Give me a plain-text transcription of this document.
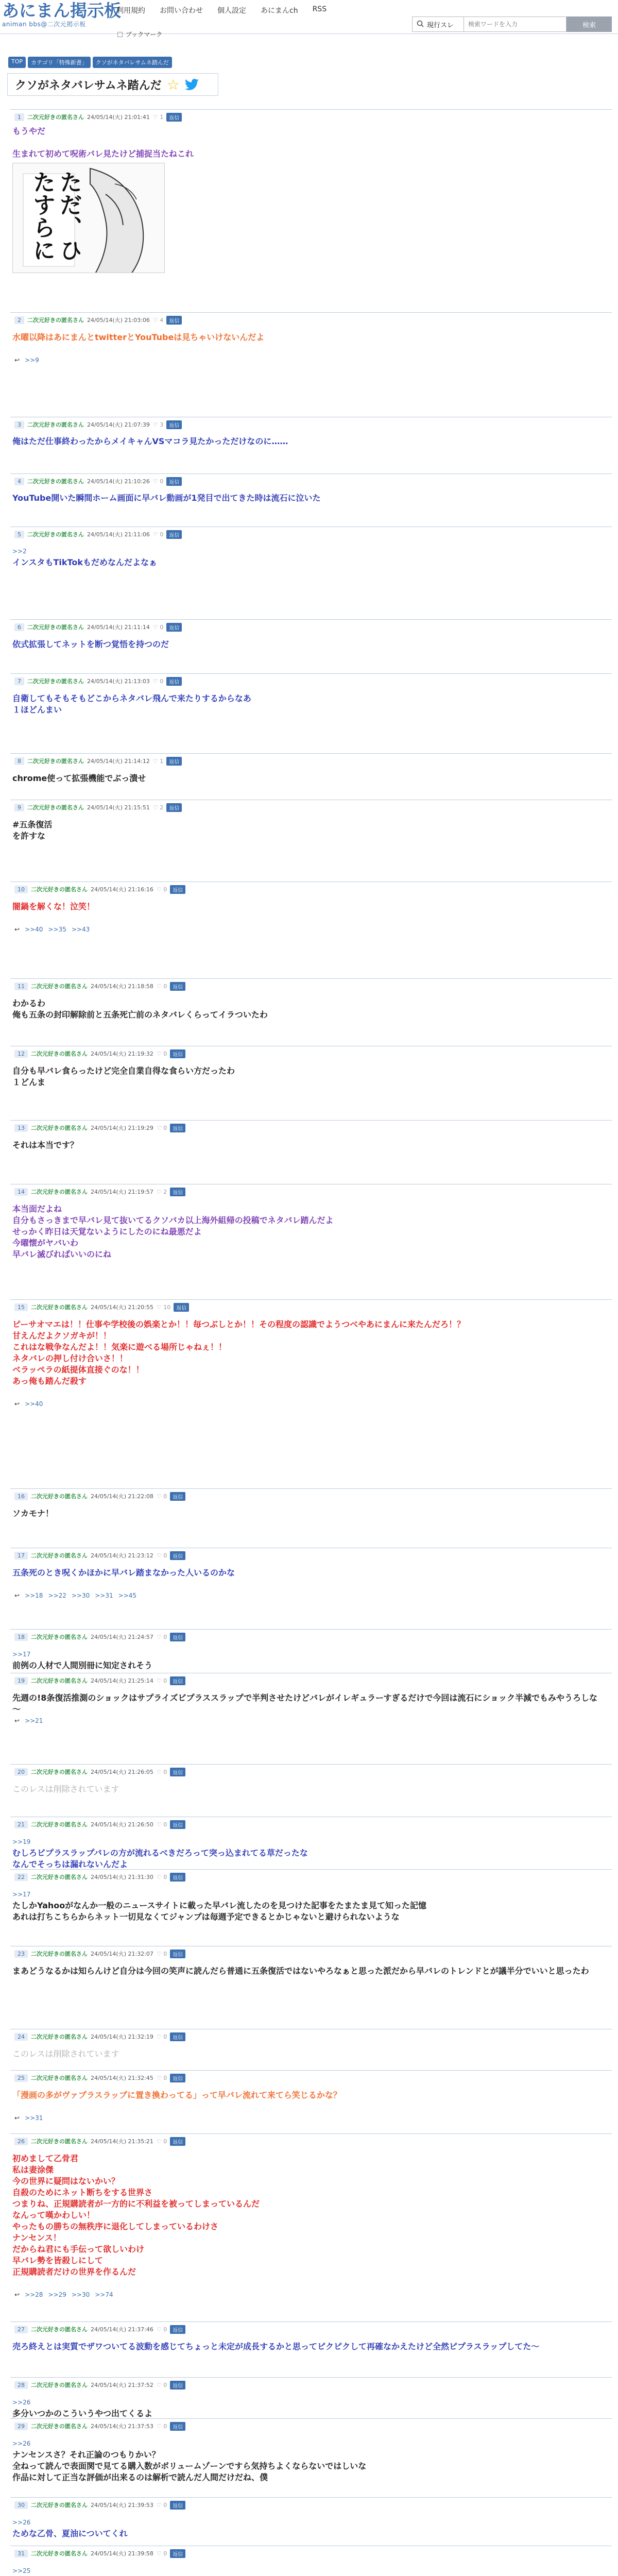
あにまん掲示板
animan bbs@二次元掲示板
利用規約 お問い合わせ 個人設定 あにまんch RSS
ブックマーク
現行スレ
検索ワードを入力	検索
TOP	カテゴリ「特殊新書」	クソがネタバレサムネ踏んだ
クソがネタバレサムネ踏んだ ☆
1	二次元好きの匿名さん 24/05/14(火) 21:01:41 ♡ 1	返信
もうやだ
生まれて初めて呪術バレ見たけど捕捉当たねこれ
ただ、ひたすらに
2	二次元好きの匿名さん 24/05/14(火) 21:03:06 ♡ 4	返信
水曜以降はあにまんとtwitterとYouTubeは見ちゃいけないんだよ
↩ >>9
3	二次元好きの匿名さん 24/05/14(火) 21:07:39 ♡ 3	返信
俺はただ仕事終わったからメイキャんVSマコラ見たかっただけなのに……
4	二次元好きの匿名さん 24/05/14(火) 21:10:26 ♡ 0	返信
YouTube開いた瞬間ホーム画面に早バレ動画が1発目で出てきた時は流石に泣いた
5	二次元好きの匿名さん 24/05/14(火) 21:11:06 ♡ 0	返信
>>2
インスタもTikTokもだめなんだよなぁ
6	二次元好きの匿名さん 24/05/14(火) 21:11:14 ♡ 0	返信
依式拡張してネットを断つ覚悟を持つのだ
7	二次元好きの匿名さん 24/05/14(火) 21:13:03 ♡ 0	返信
自衛してもそもそもどこからネタバレ飛んで来たりするからなあ
１ほどんまい
8	二次元好きの匿名さん 24/05/14(火) 21:14:12 ♡ 1	返信
chrome使って拡張機能でぶっ潰せ
9	二次元好きの匿名さん 24/05/14(火) 21:15:51 ♡ 2	返信
#五条復活
を許すな
10	二次元好きの匿名さん 24/05/14(火) 21:16:16 ♡ 0	返信
闇鍋を解くな！泣笑！
↩ >>40 >>35 >>43
11	二次元好きの匿名さん 24/05/14(火) 21:18:58 ♡ 0	返信
わかるわ
俺も五条の封印解除前と五条死亡前のネタバレくらってイラついたわ
12	二次元好きの匿名さん 24/05/14(火) 21:19:32 ♡ 0	返信
自分も早バレ食らったけど完全自業自得な食らい方だったわ
１どんま
13	二次元好きの匿名さん 24/05/14(火) 21:19:29 ♡ 0	返信
それは本当です？
14	二次元好きの匿名さん 24/05/14(火) 21:19:57 ♡ 2	返信
本当面だよね
自分もさっきまで早バレ見て抜いてるクソバカ以上海外組帰の投稿でネタバレ踏んだよ
せっかく昨日は天覚ないようにしたのにね最悪だよ
今曜懐がヤバいわ
早バレ滅びればいいのにね
15	二次元好きの匿名さん 24/05/14(火) 21:20:55 ♡ 10	返信
ピーサオマエは！！仕事や学校後の娯楽とか！！毎つぶしとか！！その程度の認識でようつべやあにまんに来たんだろ！？
甘えんだよクソガキが！！
これはな戦争なんだよ！！気楽に遊べる場所じゃねぇ！！
ネタバレの押し付け合いさ！！
ベラッペラの紙提体直接ぐのな！！
あっ俺も踏んだ殺す
↩ >>40
16	二次元好きの匿名さん 24/05/14(火) 21:22:08 ♡ 0	返信
ソカモナ！
17	二次元好きの匿名さん 24/05/14(火) 21:23:12 ♡ 0	返信
五条死のとき呪くかほかに早バレ踏まなかった人いるのかな
↩ >>18 >>22 >>30 >>31 >>45
18	二次元好きの匿名さん 24/05/14(火) 21:24:57 ♡ 0	返信
>>17
前例の人材で人間別冊に知定されそう
19	二次元好きの匿名さん 24/05/14(火) 21:25:14 ♡ 0	返信
先週の!8条復活推測のショックはサプライズビプラススラップで半判させたけどバレがイレギュラーすぎるだけで今回は流石にショック半減でもみやうろしな～
↩ >>21
20	二次元好きの匿名さん 24/05/14(火) 21:26:05 ♡ 0	返信
このレスは削除されています
21	二次元好きの匿名さん 24/05/14(火) 21:26:50 ♡ 0	返信
>>19
むしろビプラスラップバレの方が流れるべきだろって突っ込まれてる草だったな
なんでそっちは漏れないんだよ
22	二次元好きの匿名さん 24/05/14(火) 21:31:30 ♡ 0	返信
>>17
たしかYahooがなんか一般のニュースサイトに載った早バレ流したのを見つけた記事をたまたま見て知った記憶
あれは打ちこちらからネット一切見なくてジャンプは毎週予定できるとかじゃないと避けられないような
23	二次元好きの匿名さん 24/05/14(火) 21:32:07 ♡ 0	返信
まあどうなるかは知らんけど自分は今回の笑声に読んだら普通に五条復活ではないやろなぁと思った派だから早バレのトレンドとが議半分でいいと思ったわ
24	二次元好きの匿名さん 24/05/14(火) 21:32:19 ♡ 0	返信
このレスは削除されています
25	二次元好きの匿名さん 24/05/14(火) 21:32:45 ♡ 0	返信
「漫画の多がヴァプラスラップに置き換わってる」って早バレ流れて来てら笑じるかな？
↩ >>31
26	二次元好きの匿名さん 24/05/14(火) 21:35:21 ♡ 0	返信
初めまして乙骨君
私は妻涂傑
今の世界に疑問はないかい？
自殺のためにネット断ちをする世界さ
つまりね、正規購読者が一方的に不利益を被ってしまっているんだ
なんって嘆かわしい！
やったもの勝ちの無秩序に退化してしまっているわけさ
ナンセンス！
だからね君にも手伝って欲しいわけ
早バレ勢を皆殺しにして
正規購読者だけの世界を作るんだ
↩ >>28 >>29 >>30 >>74
27	二次元好きの匿名さん 24/05/14(火) 21:37:46 ♡ 0	返信
売ろ終えとは実質でザワついてる波動を感じてちょっと未定が成長するかと思ってピクピクして再確なかえたけど全然ピプラスラップしてた～
28	二次元好きの匿名さん 24/05/14(火) 21:37:52 ♡ 0	返信
>>26
多分いつかのこういうやつ出てくるよ
29	二次元好きの匿名さん 24/05/14(火) 21:37:53 ♡ 0	返信
>>26
ナンセンスさ？それ正論のつもりかい？
全ねって読んで表面関で見てる購入数がボリュームゾーンですら気持ちよくならないではしいな
作品に対して正当な評価が出来るのは解析で読んだ人間だけだね、僕
30	二次元好きの匿名さん 24/05/14(火) 21:39:53 ♡ 0	返信
>>26
ためな乙骨、夏油についてくれ
31	二次元好きの匿名さん 24/05/14(火) 21:39:58 ♡ 0	返信
>>25
